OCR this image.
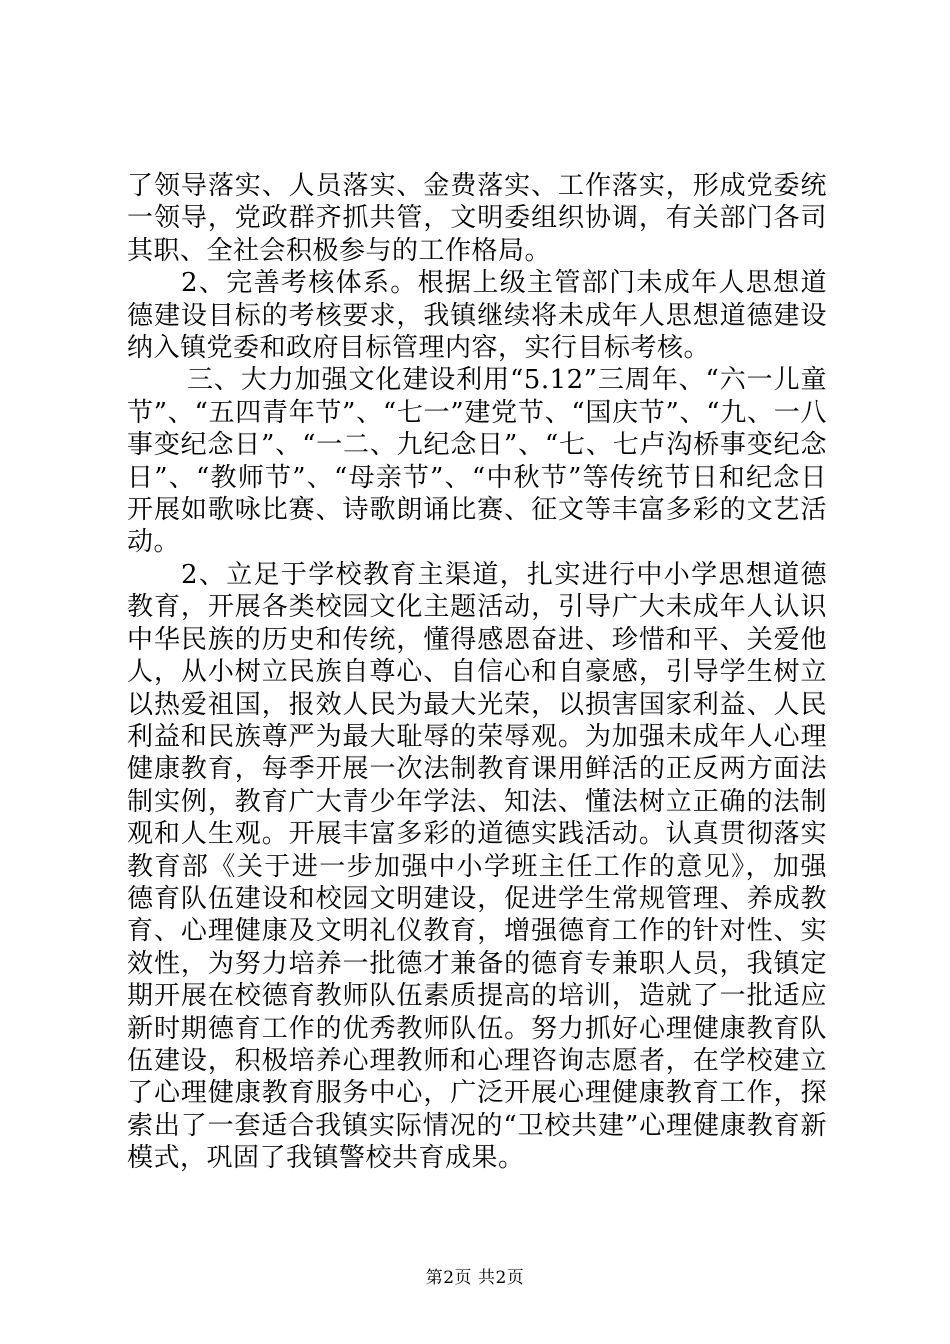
了领导落实、人员落实、金费落实、工作落实，形成党委统一领导，党政群齐抓共管，文明委组织协调，有关部门各司其职、全社会积极参与的工作格局。

2、完善考核体系。根据上级主管部门未成年人思想道德建设目标的考核要求，我镇继续将未成年人思想道德建设纳入镇党委和政府目标管理内容，实行目标考核。

三、大力加强文化建设利用“5.12”三周年、“六一儿童节”、“五四青年节”、“七一”建党节、“国庆节”、“九、一八事变纪念日”、“一二、九纪念日”、“七、七卢沟桥事变纪念日”、“教师节”、“母亲节”、“中秋节”等传统节日和纪念日开展如歌咏比赛、诗歌朗诵比赛、征文等丰富多彩的文艺活动。

2、立足于学校教育主渠道，扎实进行中小学思想道德教育，开展各类校园文化主题活动，引导广大未成年人认识中华民族的历史和传统，懂得感恩奋进、珍惜和平、关爱他人，从小树立民族自尊心、自信心和自豪感，引导学生树立以热爱祖国，报效人民为最大光荣，以损害国家利益、人民利益和民族尊严为最大耻辱的荣辱观。为加强未成年人心理健康教育，每季开展一次法制教育课用鲜活的正反两方面法制实例，教育广大青少年学法、知法、懂法树立正确的法制观和人生观。开展丰富多彩的道德实践活动。认真贯彻落实教育部《关于进一步加强中小学班主任工作的意见》，加强德育队伍建设和校园文明建设，促进学生常规管理、养成教育、心理健康及文明礼仪教育，增强德育工作的针对性、实效性，为努力培养一批德才兼备的德育专兼职人员，我镇定期开展在校德育教师队伍素质提高的培训，造就了一批适应新时期德育工作的优秀教师队伍。努力抓好心理健康教育队伍建设，积极培养心理教师和心理咨询志愿者，在学校建立了心理健康教育服务中心，广泛开展心理健康教育工作，探索出了一套适合我镇实际情况的“卫校共建”心理健康教育新模式，巩固了我镇警校共育成果。

第2页 共2页
